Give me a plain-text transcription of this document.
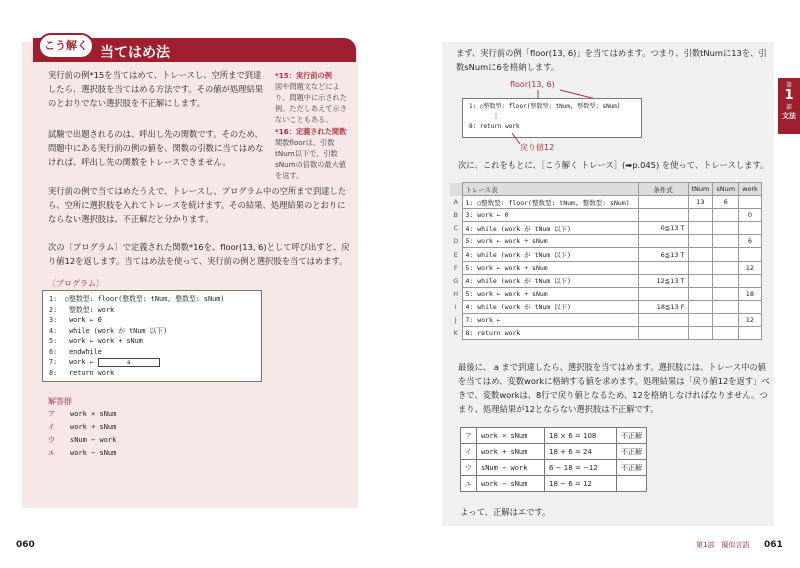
こう解く 当てはめ法
実行前の例*15を当てはめて、トレースし、空所まで到達したら、選択肢を当てはめる方法です。その値が処理結果のとおりでない選択肢を不正解にします。
試験で出題されるのは、呼出し先の関数です。そのため、問題中にある実行前の例の値を、関数の引数に当てはめなければ、呼出し先の関数をトレースできません。
実行前の例で当てはめたうえで、トレースし、プログラム中の空所まで到達したら、空所に選択肢を入れてトレースを続けます。その結果、処理結果のとおりにならない選択肢は、不正解だと分かります。
次の〔プログラム〕で定義された関数*16を、floor(13, 6)として呼び出すと、戻り値12を返します。当てはめ法を使って、実行前の例と選択肢を当てはめます。
*15：実行前の例
図や問題文などにより、問題中に示された例。ただしあえて示さないこともある。
*16：定義された関数
関数floorは、引数tNum以下で、引数sNumの倍数の最大値を返す。
〔プログラム〕
1: ○整数型: floor(整数型: tNum, 整数型: sNum)
2: 整数型: work
3: work ← 0
4: while (work が tNum 以下)
5: work ← work + sNum
6: endwhile
7: work ←	a
8: return work
解答群
ア work × sNum
イ work + sNum
ウ sNum − work
エ work − sNum
060
まず、実行前の例「floor(13, 6)」を当てはめます。つまり、引数tNumに13を、引数sNumに6を格納します。
floor(13, 6)
1: ○整数型: floor(整数型: tNum, 整数型: sNum)
⋮
8: return work
戻り値12
次に、これをもとに、［こう解く トレース］(➡p.045) を使って、トレースします。
	トレース表	条件式	tNum	sNum	work
A	1: ○整数型: floor(整数型: tNum, 整数型: sNum)		13	6	
B	3: work ← 0				0
C	4: while (work が tNum 以下)	0≦13 T			
D	5: work ← work + sNum				6
E	4: while (work が tNum 以下)	6≦13 T			
F	5: work ← work + sNum				12
G	4: while (work が tNum 以下)	12≦13 T			
H	5: work ← work + sNum				18
I	4: while (work が tNum 以下)	18≦13 F			
J	7: work ←				12
K	8: return work				
最後に、 a まで到達したら、選択肢を当てはめます。選択肢には、トレース中の値を当てはめ、変数workに格納する値を求めます。処理結果は「戻り値12を返す」べきで、変数workは、8行で戻り値となるため、12を格納しなければなりません。つまり、処理結果が12とならない選択肢は不正解です。
ア	work × sNum	18 × 6 = 108	不正解
イ	work + sNum	18 + 6 = 24	不正解
ウ	sNum − work	6 − 18 = −12	不正解
エ	work − sNum	18 − 6 = 12	
よって、正解はエです。
第1部　擬似言語 061
第
1
部
文法
